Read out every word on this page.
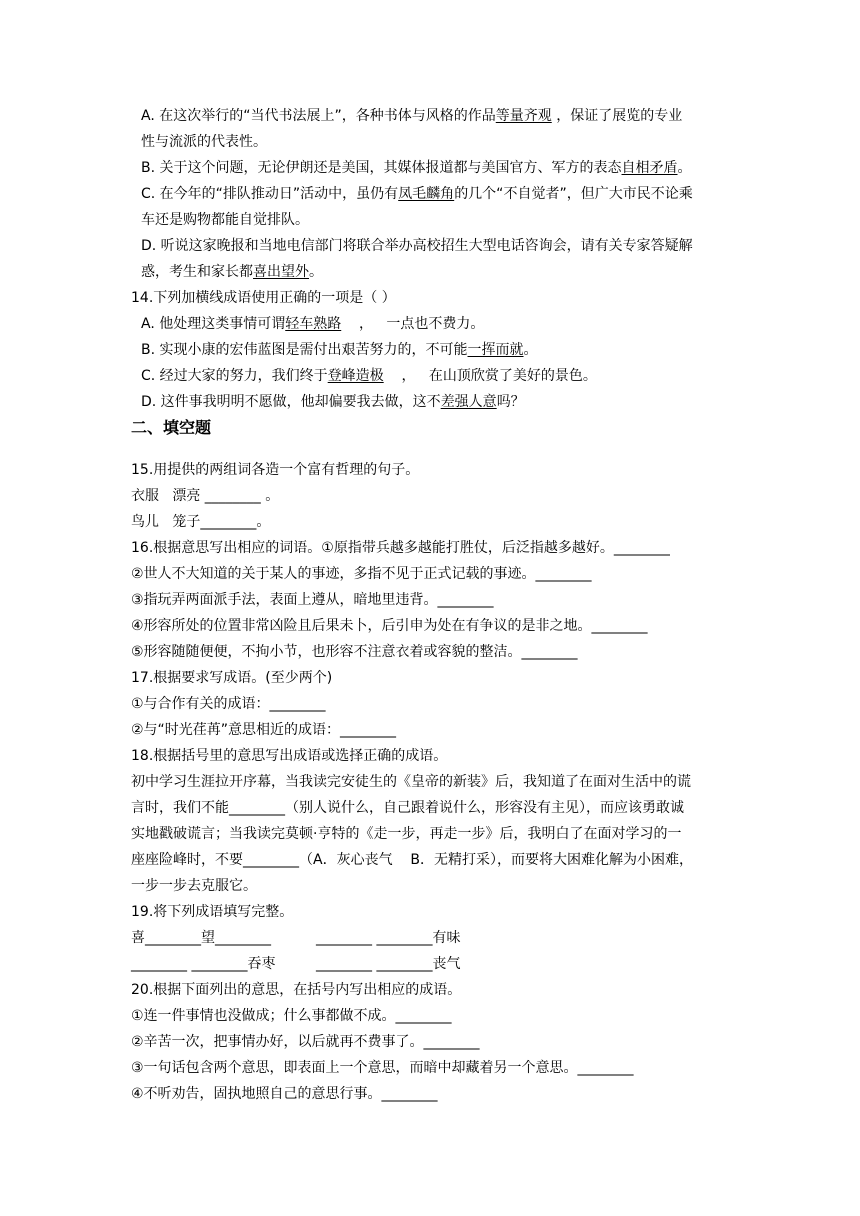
A. 在这次举行的“当代书法展上”，各种书体与风格的作品等量齐观 ，保证了展览的专业
性与流派的代表性。
B. 关于这个问题，无论伊朗还是美国，其媒体报道都与美国官方、军方的表态自相矛盾。
C. 在今年的“排队推动日”活动中，虽仍有凤毛麟角的几个“不自觉者”，但广大市民不论乘
车还是购物都能自觉排队。
D. 听说这家晚报和当地电信部门将联合举办高校招生大型电话咨询会，请有关专家答疑解
惑，考生和家长都喜出望外。
14.下列加横线成语使用正确的一项是（ ）
A. 他处理这类事情可谓轻车熟路    ，   一点也不费力。
B. 实现小康的宏伟蓝图是需付出艰苦努力的，不可能一挥而就。
C. 经过大家的努力，我们终于登峰造极    ，   在山顶欣赏了美好的景色。
D. 这件事我明明不愿做，他却偏要我去做，这不差强人意吗？
二、填空题
15.用提供的两组词各造一个富有哲理的句子。
衣服   漂亮 ________ 。
鸟儿   笼子________。
16.根据意思写出相应的词语。①原指带兵越多越能打胜仗，后泛指越多越好。________
②世人不大知道的关于某人的事迹，多指不见于正式记载的事迹。________
③指玩弄两面派手法，表面上遵从，暗地里违背。________
④形容所处的位置非常凶险且后果未卜，后引申为处在有争议的是非之地。________
⑤形容随随便便，不拘小节，也形容不注意衣着或容貌的整洁。________
17.根据要求写成语。(至少两个)
①与合作有关的成语：________
②与“时光荏苒”意思相近的成语：________
18.根据括号里的意思写出成语或选择正确的成语。
初中学习生涯拉开序幕，当我读完安徒生的《皇帝的新装》后，我知道了在面对生活中的谎
言时，我们不能________（别人说什么，自己跟着说什么，形容没有主见），而应该勇敢诚
实地戳破谎言；当我读完莫顿·亨特的《走一步，再走一步》后，我明白了在面对学习的一
座座险峰时，不要________（A．灰心丧气    B．无精打采），而要将大困难化解为小困难，
一步一步去克服它。
19.将下列成语填写完整。
喜________望________	________ ________有味
________ ________吞枣	________ ________丧气
20.根据下面列出的意思，在括号内写出相应的成语。
①连一件事情也没做成；什么事都做不成。________
②辛苦一次，把事情办好，以后就再不费事了。________
③一句话包含两个意思，即表面上一个意思，而暗中却藏着另一个意思。________
④不听劝告，固执地照自己的意思行事。________
